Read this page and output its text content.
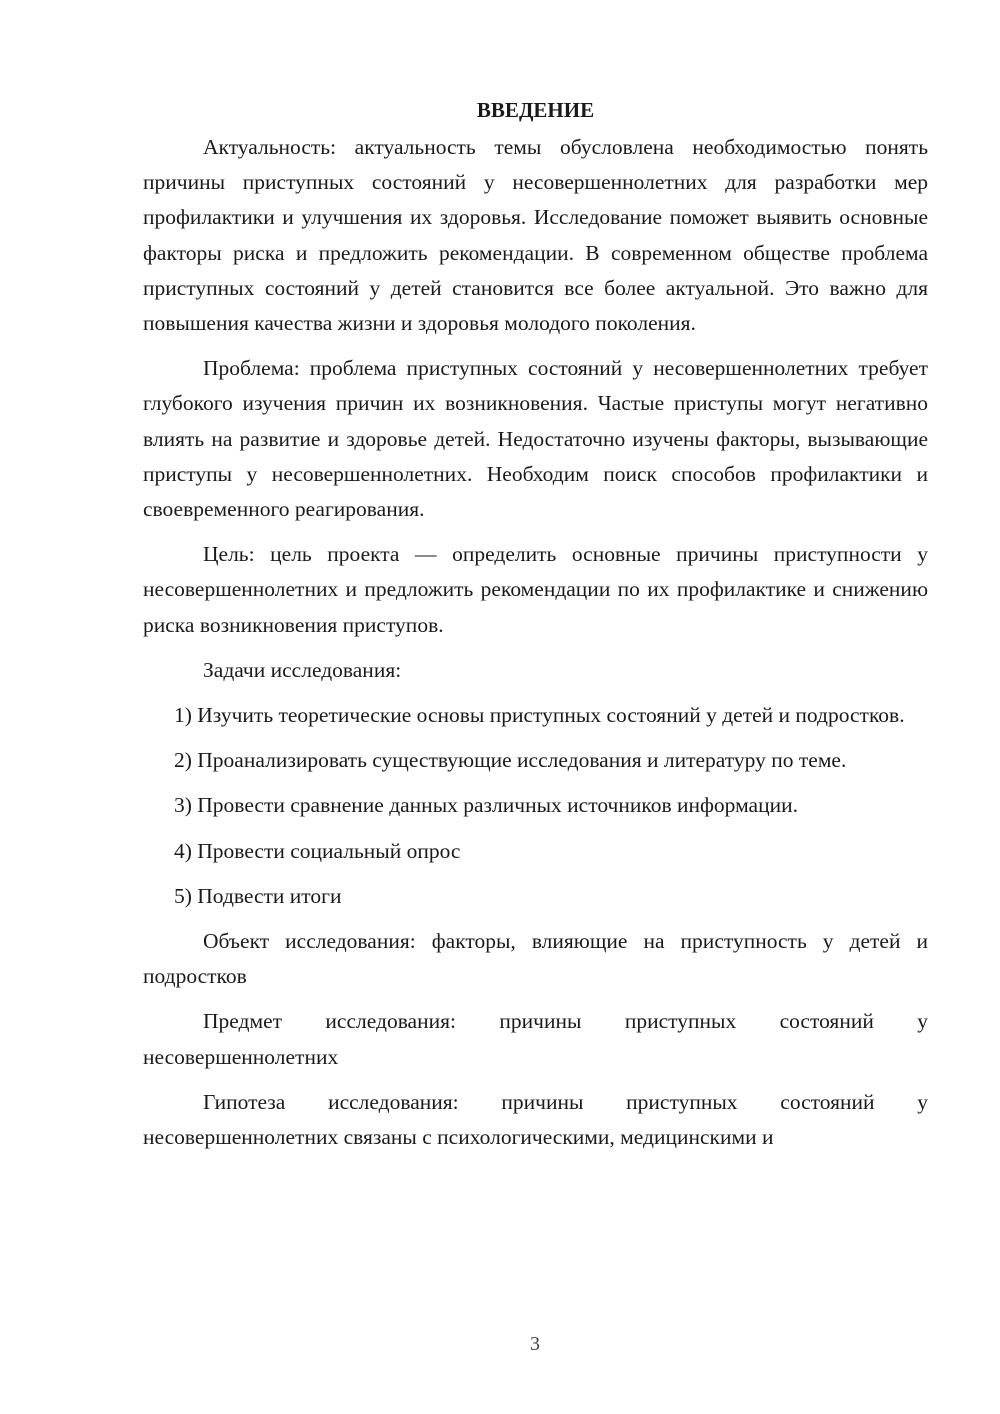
ВВЕДЕНИЕ

Актуальность: актуальность темы обусловлена необходимостью понять причины приступных состояний у несовершеннолетних для разработки мер профилактики и улучшения их здоровья. Исследование поможет выявить основные факторы риска и предложить рекомендации. В современном обществе проблема приступных состояний у детей становится все более актуальной. Это важно для повышения качества жизни и здоровья молодого поколения.

Проблема: проблема приступных состояний у несовершеннолетних требует глубокого изучения причин их возникновения. Частые приступы могут негативно влиять на развитие и здоровье детей. Недостаточно изучены факторы, вызывающие приступы у несовершеннолетних. Необходим поиск способов профилактики и своевременного реагирования.

Цель: цель проекта — определить основные причины приступности у несовершеннолетних и предложить рекомендации по их профилактике и снижению риска возникновения приступов.

Задачи исследования:

1) Изучить теоретические основы приступных состояний у детей и подростков.

2) Проанализировать существующие исследования и литературу по теме.

3) Провести сравнение данных различных источников информации.

4) Провести социальный опрос

5) Подвести итоги

Объект исследования: факторы, влияющие на приступность у детей и подростков

Предмет исследования: причины приступных состояний у несовершеннолетних

Гипотеза исследования: причины приступных состояний у несовершеннолетних связаны с психологическими, медицинскими и

3
